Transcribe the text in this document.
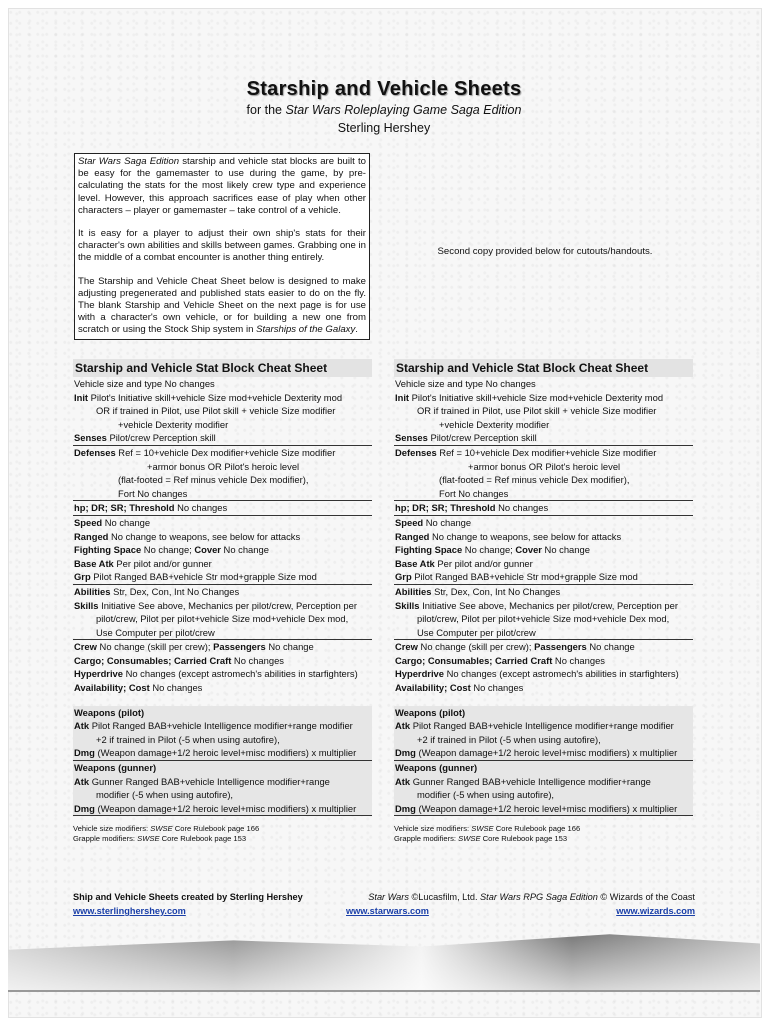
Starship and Vehicle Sheets
for the Star Wars Roleplaying Game Saga Edition
Sterling Hershey

Star Wars Saga Edition starship and vehicle stat blocks are built to be easy for the gamemaster to use during the game, by pre-calculating the stats for the most likely crew type and experience level. However, this approach sacrifices ease of play when other characters – player or gamemaster – take control of a vehicle.

It is easy for a player to adjust their own ship's stats for their character's own abilities and skills between games. Grabbing one in the middle of a combat encounter is another thing entirely.

The Starship and Vehicle Cheat Sheet below is designed to make adjusting pregenerated and published stats easier to do on the fly. The blank Starship and Vehicle Sheet on the next page is for use with a character's own vehicle, or for building a new one from scratch or using the Stock Ship system in Starships of the Galaxy.

Second copy provided below for cutouts/handouts.
Starship and Vehicle Stat Block Cheat Sheet
Vehicle size and type No changes
Init Pilot's Initiative skill+vehicle Size mod+vehicle Dexterity mod
OR if trained in Pilot, use Pilot skill + vehicle Size modifier
+vehicle Dexterity modifier
Senses Pilot/crew Perception skill
Defenses Ref = 10+vehicle Dex modifier+vehicle Size modifier
+armor bonus OR Pilot's heroic level
(flat-footed = Ref minus vehicle Dex modifier),
Fort No changes
hp; DR; SR; Threshold No changes
Speed No change
Ranged No change to weapons, see below for attacks
Fighting Space No change; Cover No change
Base Atk Per pilot and/or gunner
Grp Pilot Ranged BAB+vehicle Str mod+grapple Size mod
Abilities Str, Dex, Con, Int No Changes
Skills Initiative See above, Mechanics per pilot/crew, Perception per
pilot/crew, Pilot per pilot+vehicle Size mod+vehicle Dex mod,
Use Computer per pilot/crew
Crew No change (skill per crew); Passengers No change
Cargo; Consumables; Carried Craft No changes
Hyperdrive No changes (except astromech's abilities in starfighters)
Availability; Cost No changes
Weapons (pilot)
Atk Pilot Ranged BAB+vehicle Intelligence modifier+range modifier
+2 if trained in Pilot (-5 when using autofire),
Dmg (Weapon damage+1/2 heroic level+misc modifiers) x multiplier
Weapons (gunner)
Atk Gunner Ranged BAB+vehicle Intelligence modifier+range
modifier (-5 when using autofire),
Dmg (Weapon damage+1/2 heroic level+misc modifiers) x multiplier
Vehicle size modifiers: SWSE Core Rulebook page 166
Grapple modifiers: SWSE Core Rulebook page 153
Starship and Vehicle Stat Block Cheat Sheet
Vehicle size and type No changes
Init Pilot's Initiative skill+vehicle Size mod+vehicle Dexterity mod
OR if trained in Pilot, use Pilot skill + vehicle Size modifier
+vehicle Dexterity modifier
Senses Pilot/crew Perception skill
Defenses Ref = 10+vehicle Dex modifier+vehicle Size modifier
+armor bonus OR Pilot's heroic level
(flat-footed = Ref minus vehicle Dex modifier),
Fort No changes
hp; DR; SR; Threshold No changes
Speed No change
Ranged No change to weapons, see below for attacks
Fighting Space No change; Cover No change
Base Atk Per pilot and/or gunner
Grp Pilot Ranged BAB+vehicle Str mod+grapple Size mod
Abilities Str, Dex, Con, Int No Changes
Skills Initiative See above, Mechanics per pilot/crew, Perception per
pilot/crew, Pilot per pilot+vehicle Size mod+vehicle Dex mod,
Use Computer per pilot/crew
Crew No change (skill per crew); Passengers No change
Cargo; Consumables; Carried Craft No changes
Hyperdrive No changes (except astromech's abilities in starfighters)
Availability; Cost No changes
Weapons (pilot)
Atk Pilot Ranged BAB+vehicle Intelligence modifier+range modifier
+2 if trained in Pilot (-5 when using autofire),
Dmg (Weapon damage+1/2 heroic level+misc modifiers) x multiplier
Weapons (gunner)
Atk Gunner Ranged BAB+vehicle Intelligence modifier+range
modifier (-5 when using autofire),
Dmg (Weapon damage+1/2 heroic level+misc modifiers) x multiplier
Vehicle size modifiers: SWSE Core Rulebook page 166
Grapple modifiers: SWSE Core Rulebook page 153
Ship and Vehicle Sheets created by Sterling Hershey	Star Wars ©Lucasfilm, Ltd. Star Wars RPG Saga Edition © Wizards of the Coast
www.sterlinghershey.com	www.starwars.com	www.wizards.com
